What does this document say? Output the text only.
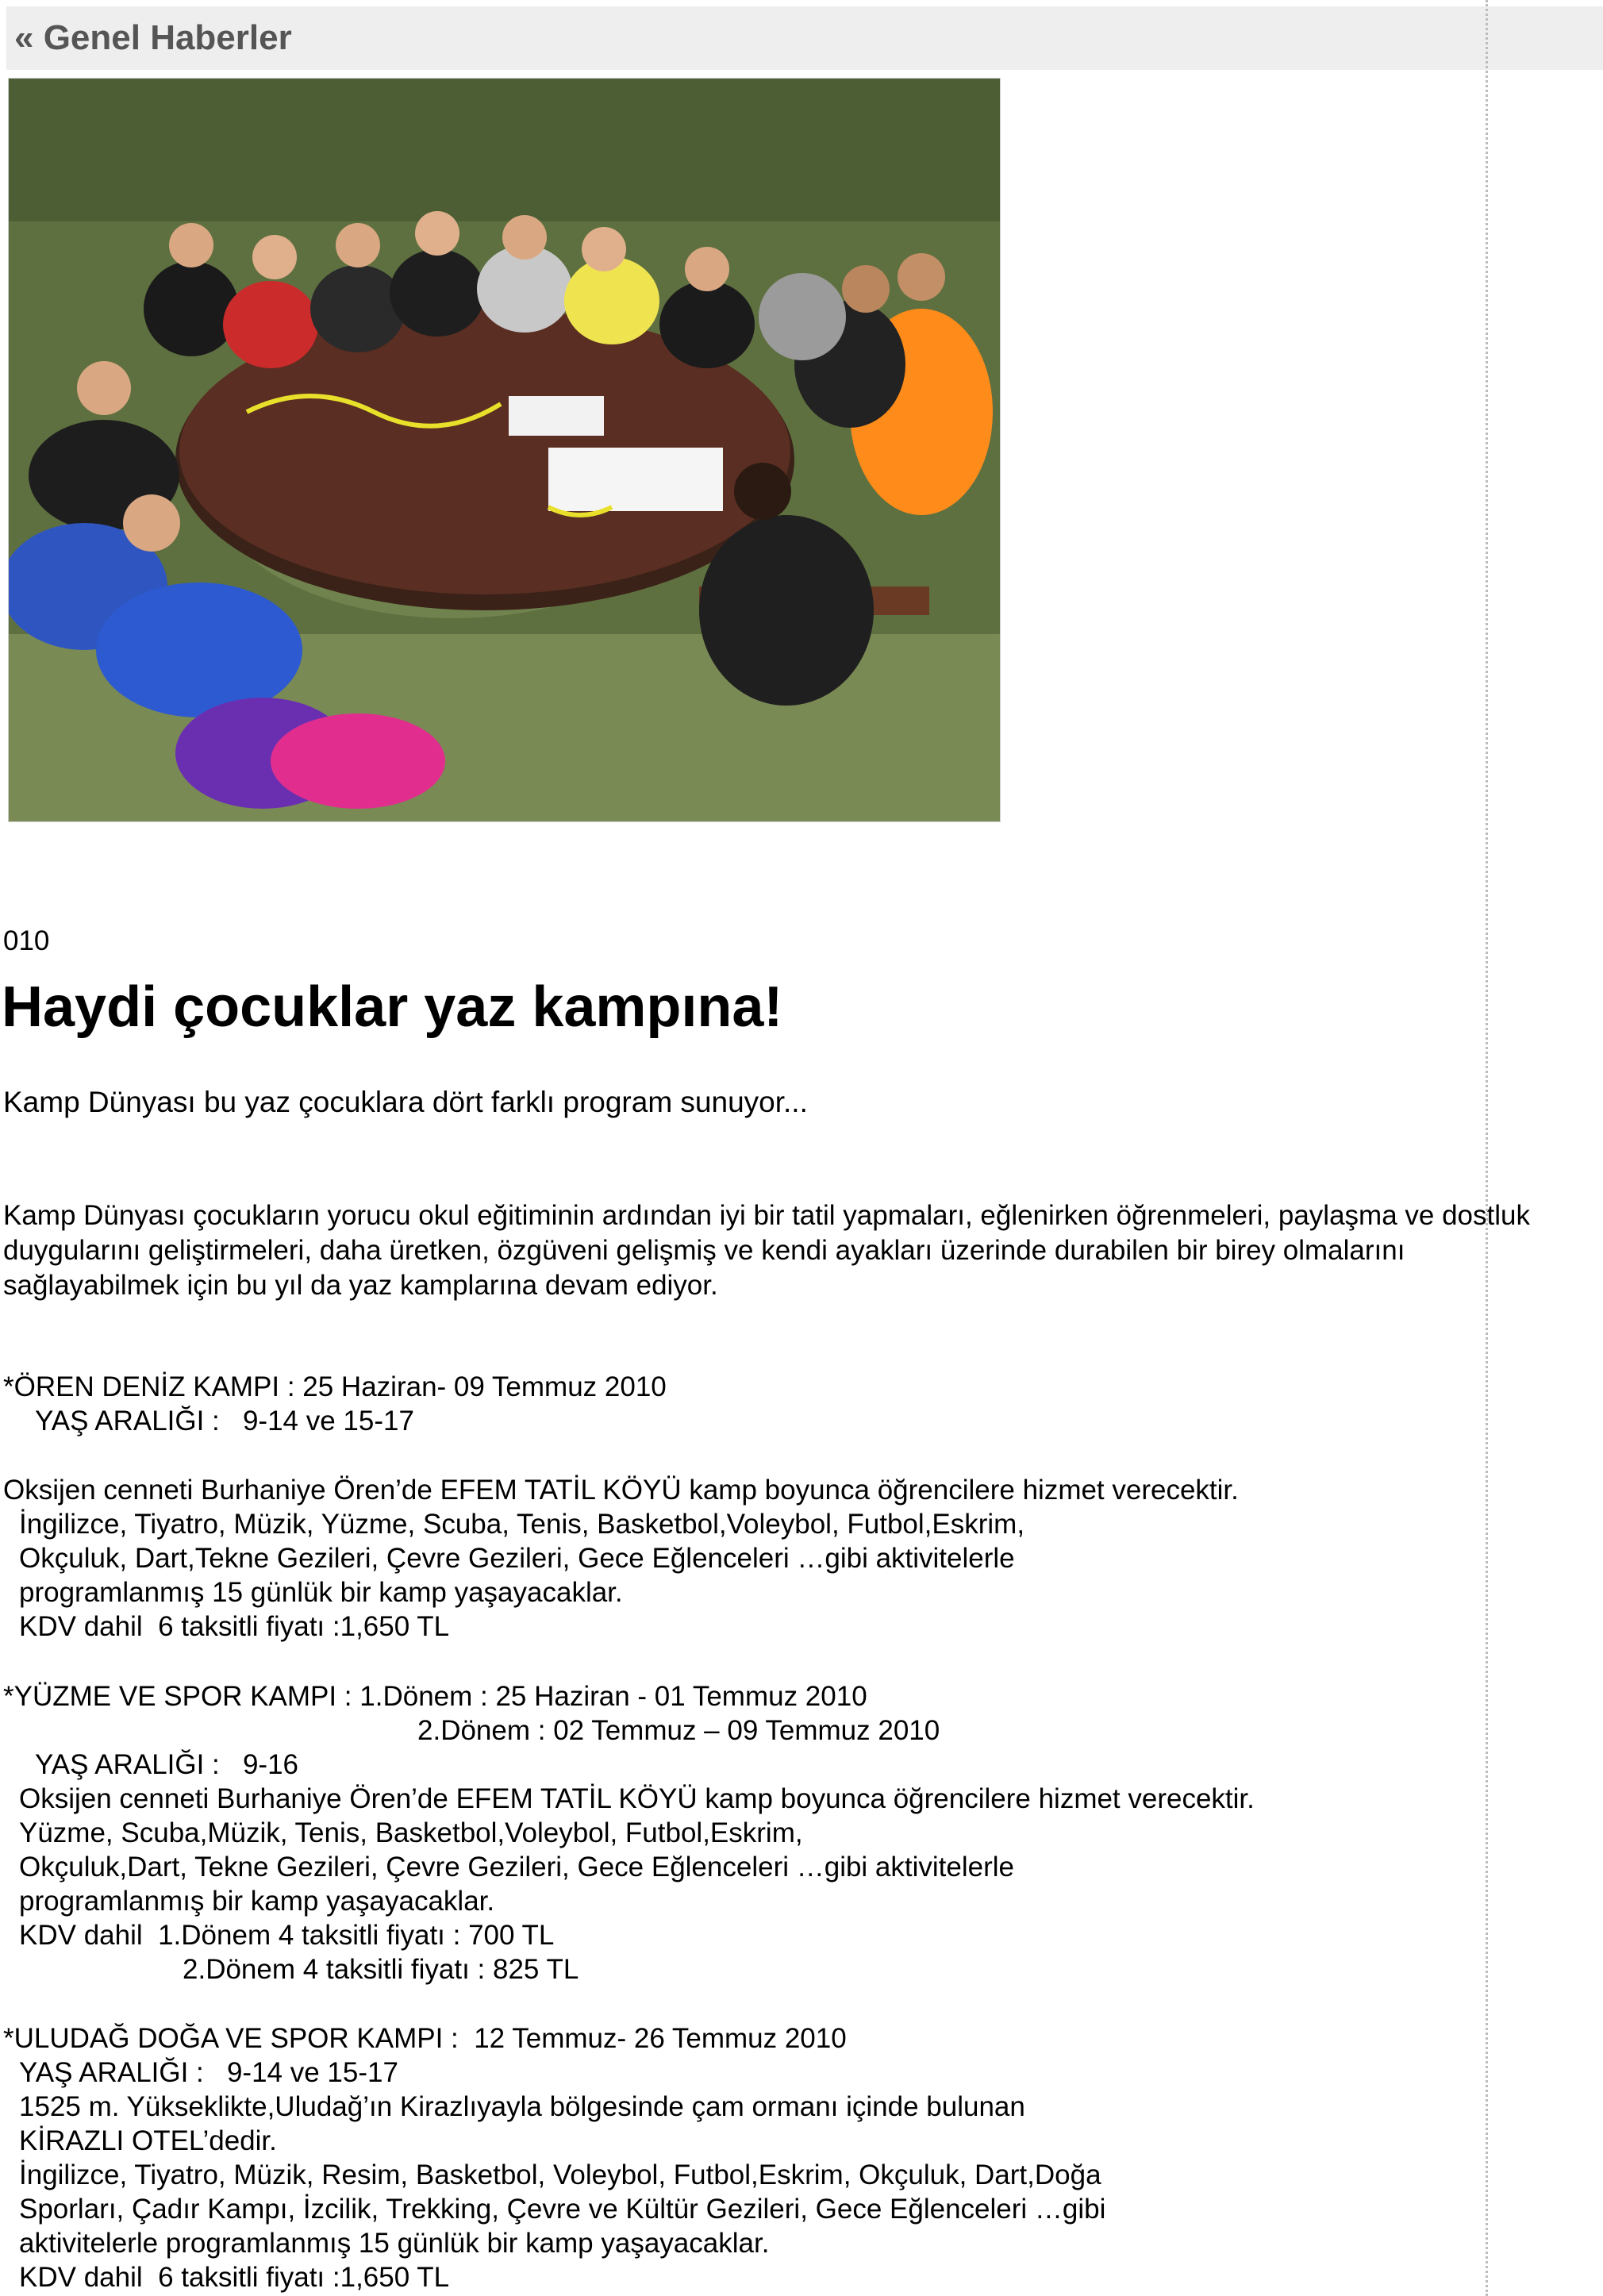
« Genel Haberler
010
Haydi çocuklar yaz kampına!
Kamp Dünyası bu yaz çocuklara dört farklı program sunuyor...

Kamp Dünyası çocukların yorucu okul eğitiminin ardından iyi bir tatil yapmaları, eğlenirken öğrenmeleri, paylaşma ve dostluk duygularını geliştirmeleri, daha üretken, özgüveni gelişmiş ve kendi ayakları üzerinde durabilen bir birey olmalarını sağlayabilmek için bu yıl da yaz kamplarına devam ediyor.

*ÖREN DENİZ KAMPI : 25 Haziran- 09 Temmuz 2010
YAŞ ARALIĞI :   9-14 ve 15-17
Oksijen cenneti Burhaniye Ören’de EFEM TATİL KÖYÜ kamp boyunca öğrencilere hizmet verecektir.
İngilizce, Tiyatro, Müzik, Yüzme, Scuba, Tenis, Basketbol,Voleybol, Futbol,Eskrim,
Okçuluk, Dart,Tekne Gezileri, Çevre Gezileri, Gece Eğlenceleri …gibi aktivitelerle
programlanmış 15 günlük bir kamp yaşayacaklar.
KDV dahil  6 taksitli fiyatı :1,650 TL
*YÜZME VE SPOR KAMPI : 1.Dönem : 25 Haziran - 01 Temmuz 2010
2.Dönem : 02 Temmuz – 09 Temmuz 2010
YAŞ ARALIĞI :   9-16
Oksijen cenneti Burhaniye Ören’de EFEM TATİL KÖYÜ kamp boyunca öğrencilere hizmet verecektir.
Yüzme, Scuba,Müzik, Tenis, Basketbol,Voleybol, Futbol,Eskrim,
Okçuluk,Dart, Tekne Gezileri, Çevre Gezileri, Gece Eğlenceleri …gibi aktivitelerle
programlanmış bir kamp yaşayacaklar.
KDV dahil  1.Dönem 4 taksitli fiyatı : 700 TL
2.Dönem 4 taksitli fiyatı : 825 TL
*ULUDAĞ DOĞA VE SPOR KAMPI :  12 Temmuz- 26 Temmuz 2010
YAŞ ARALIĞI :   9-14 ve 15-17
1525 m. Yükseklikte,Uludağ’ın Kirazlıyayla bölgesinde çam ormanı içinde bulunan
KİRAZLI OTEL’dedir.
İngilizce, Tiyatro, Müzik, Resim, Basketbol, Voleybol, Futbol,Eskrim, Okçuluk, Dart,Doğa
Sporları, Çadır Kampı, İzcilik, Trekking, Çevre ve Kültür Gezileri, Gece Eğlenceleri …gibi
aktivitelerle programlanmış 15 günlük bir kamp yaşayacaklar.
KDV dahil  6 taksitli fiyatı :1,650 TL
